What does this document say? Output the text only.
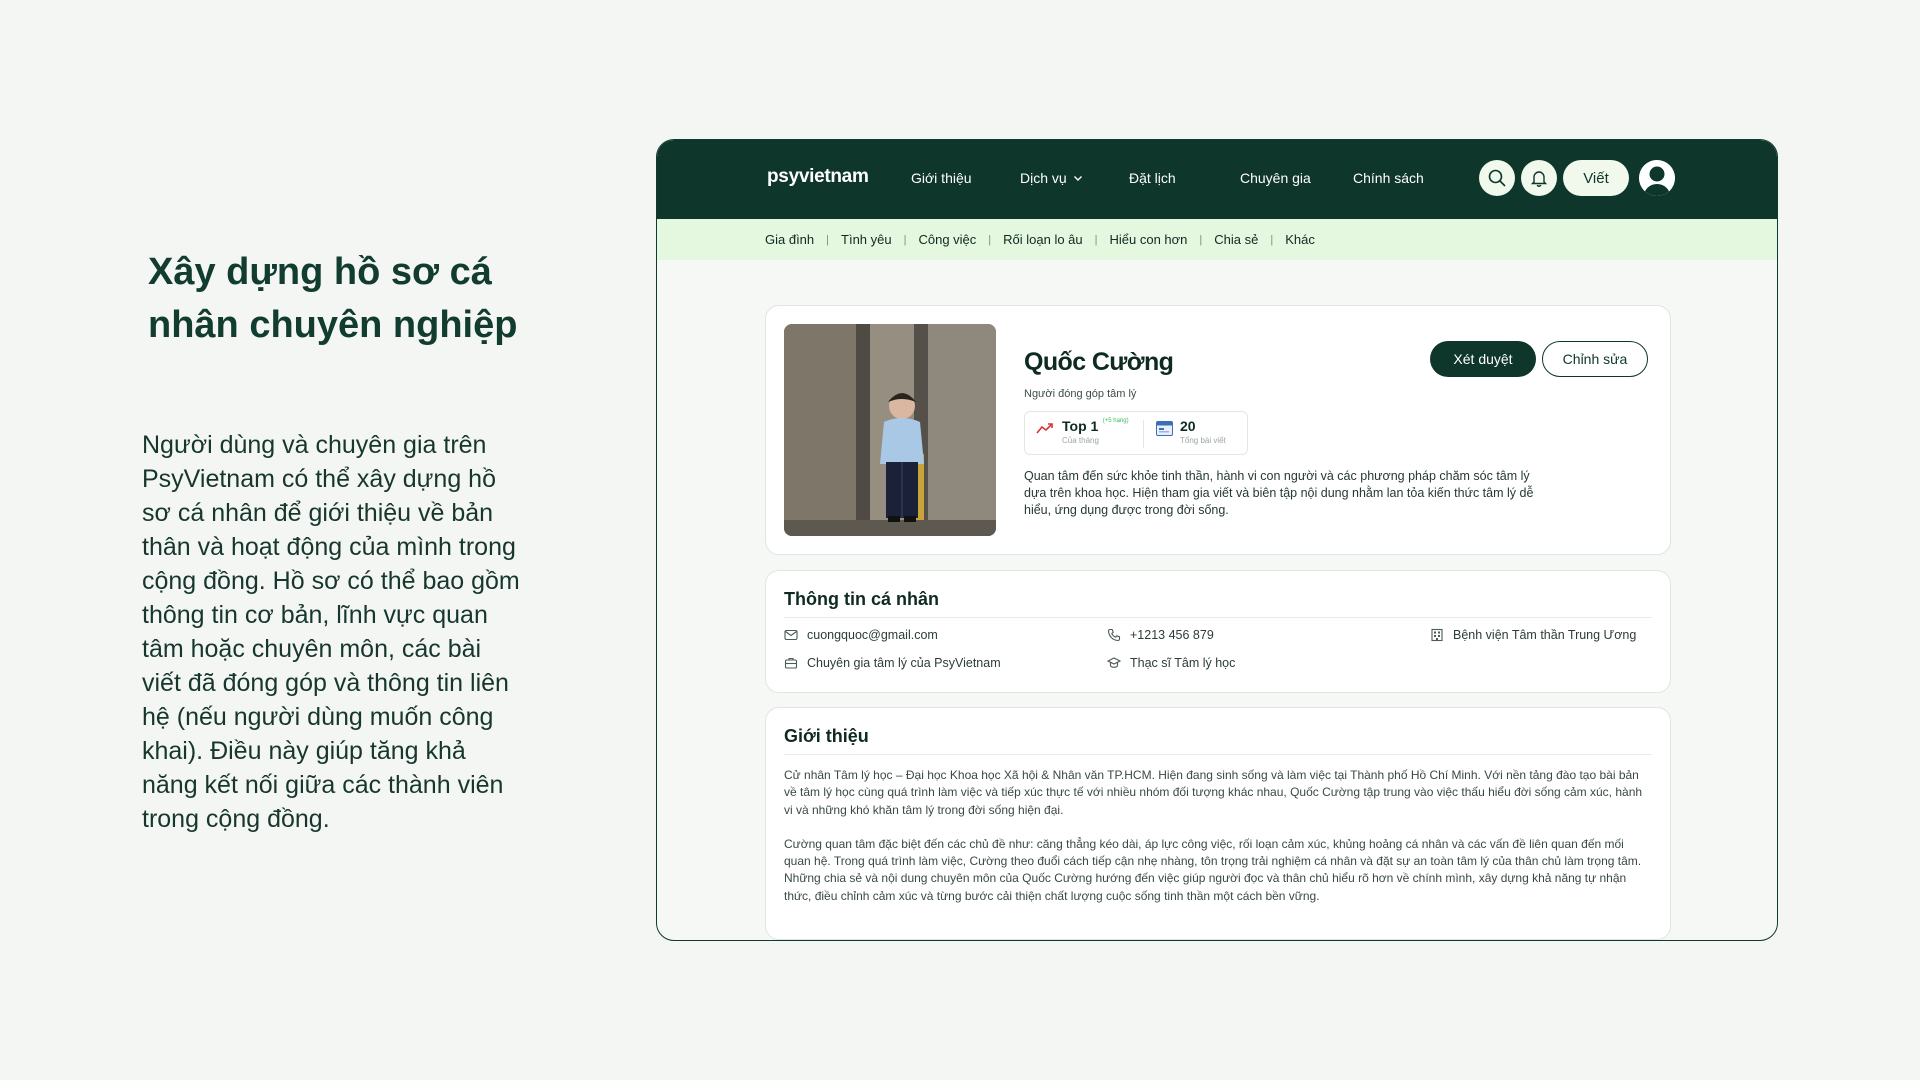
Xây dựng hồ sơ cá nhân chuyên nghiệp

Người dùng và chuyên gia trên PsyVietnam có thể xây dựng hồ sơ cá nhân để giới thiệu về bản thân và hoạt động của mình trong cộng đồng. Hồ sơ có thể bao gồm thông tin cơ bản, lĩnh vực quan tâm hoặc chuyên môn, các bài viết đã đóng góp và thông tin liên hệ (nếu người dùng muốn công khai). Điều này giúp tăng khả năng kết nối giữa các thành viên trong cộng đồng.

psyvietnam	Giới thiệu	Dịch vụ	Đặt lịch	Chuyên gia	Chính sách	Viết
Gia đình | Tình yêu | Công việc | Rối loạn lo âu | Hiểu con hơn | Chia sẻ | Khác
Quốc Cường
Người đóng góp tâm lý
Top 1 $^{(+5 hạng)}$
Của tháng
20
Tổng bài viết
Quan tâm đến sức khỏe tinh thần, hành vi con người và các phương pháp chăm sóc tâm lý dựa trên khoa học. Hiện tham gia viết và biên tập nội dung nhằm lan tỏa kiến thức tâm lý dễ hiểu, ứng dụng được trong đời sống.
Xét duyệt	Chỉnh sửa
Thông tin cá nhân
cuongquoc@gmail.com	+1213 456 879	Bệnh viện Tâm thần Trung Ương
Chuyên gia tâm lý của PsyVietnam	Thạc sĩ Tâm lý học
Giới thiệu

Cử nhân Tâm lý học – Đại học Khoa học Xã hội & Nhân văn TP.HCM. Hiện đang sinh sống và làm việc tại Thành phố Hồ Chí Minh. Với nền tảng đào tạo bài bản về tâm lý học cùng quá trình làm việc và tiếp xúc thực tế với nhiều nhóm đối tượng khác nhau, Quốc Cường tập trung vào việc thấu hiểu đời sống cảm xúc, hành vi và những khó khăn tâm lý trong đời sống hiện đại.

Cường quan tâm đặc biệt đến các chủ đề như: căng thẳng kéo dài, áp lực công việc, rối loạn cảm xúc, khủng hoảng cá nhân và các vấn đề liên quan đến mối quan hệ. Trong quá trình làm việc, Cường theo đuổi cách tiếp cận nhẹ nhàng, tôn trọng trải nghiệm cá nhân và đặt sự an toàn tâm lý của thân chủ làm trọng tâm.

Những chia sẻ và nội dung chuyên môn của Quốc Cường hướng đến việc giúp người đọc và thân chủ hiểu rõ hơn về chính mình, xây dựng khả năng tự nhận thức, điều chỉnh cảm xúc và từng bước cải thiện chất lượng cuộc sống tinh thần một cách bền vững.
